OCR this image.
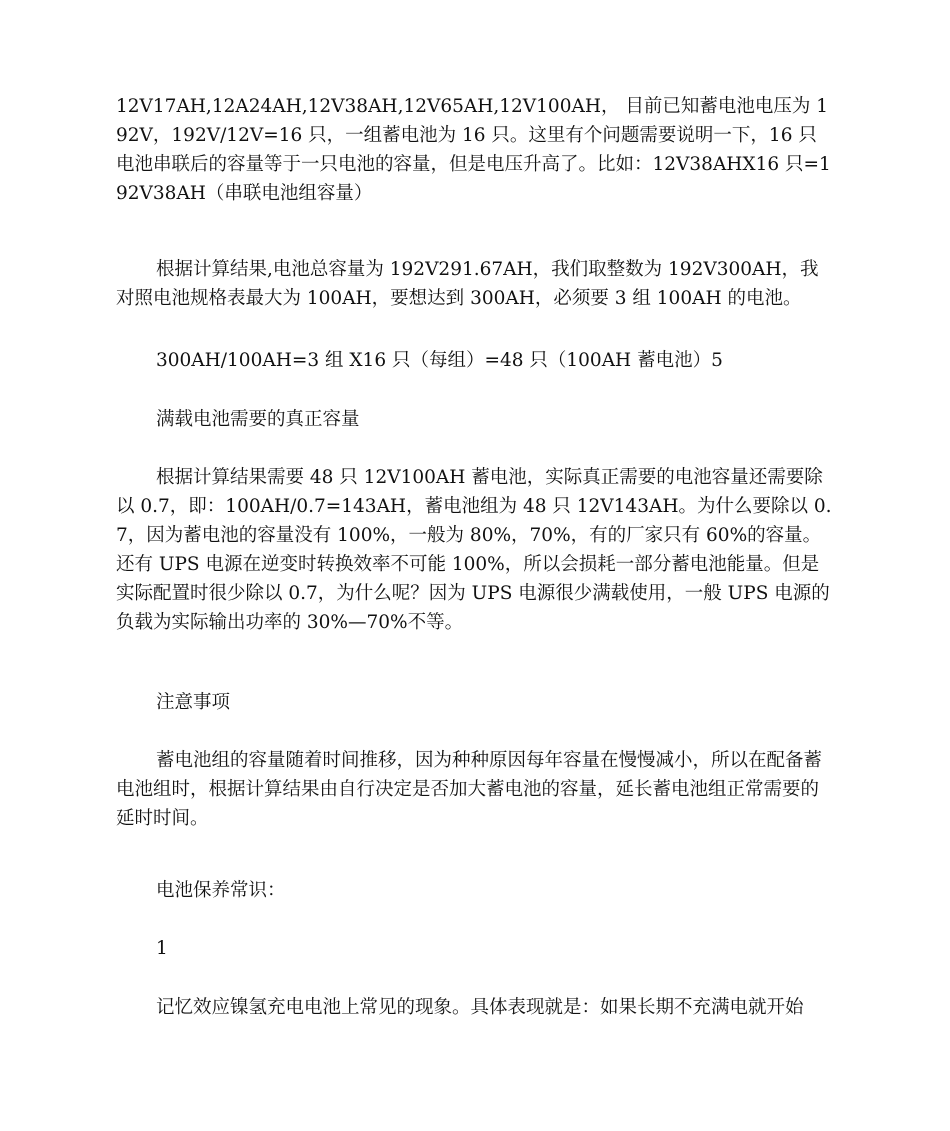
12V17AH,12A24AH,12V38AH,12V65AH,12V100AH， 目前已知蓄电池电压为 192V，192V/12V=16 只，一组蓄电池为 16 只。这里有个问题需要说明一下，16 只电池串联后的容量等于一只电池的容量，但是电压升高了。比如：12V38AHX16 只=192V38AH（串联电池组容量）

根据计算结果,电池总容量为 192V291.67AH，我们取整数为 192V300AH，我对照电池规格表最大为 100AH，要想达到 300AH，必须要 3 组 100AH 的电池。

300AH/100AH=3 组 X16 只（每组）=48 只（100AH 蓄电池）5

满载电池需要的真正容量

根据计算结果需要 48 只 12V100AH 蓄电池，实际真正需要的电池容量还需要除以 0.7，即：100AH/0.7=143AH，蓄电池组为 48 只 12V143AH。为什么要除以 0.7，因为蓄电池的容量没有 100%，一般为 80%，70%，有的厂家只有 60%的容量。还有 UPS 电源在逆变时转换效率不可能 100%，所以会损耗一部分蓄电池能量。但是实际配置时很少除以 0.7，为什么呢？因为 UPS 电源很少满载使用，一般 UPS 电源的负载为实际输出功率的 30%—70%不等。

注意事项

蓄电池组的容量随着时间推移，因为种种原因每年容量在慢慢减小，所以在配备蓄电池组时，根据计算结果由自行决定是否加大蓄电池的容量，延长蓄电池组正常需要的延时时间。

电池保养常识：

1

记忆效应镍氢充电电池上常见的现象。具体表现就是：如果长期不充满电就开始
